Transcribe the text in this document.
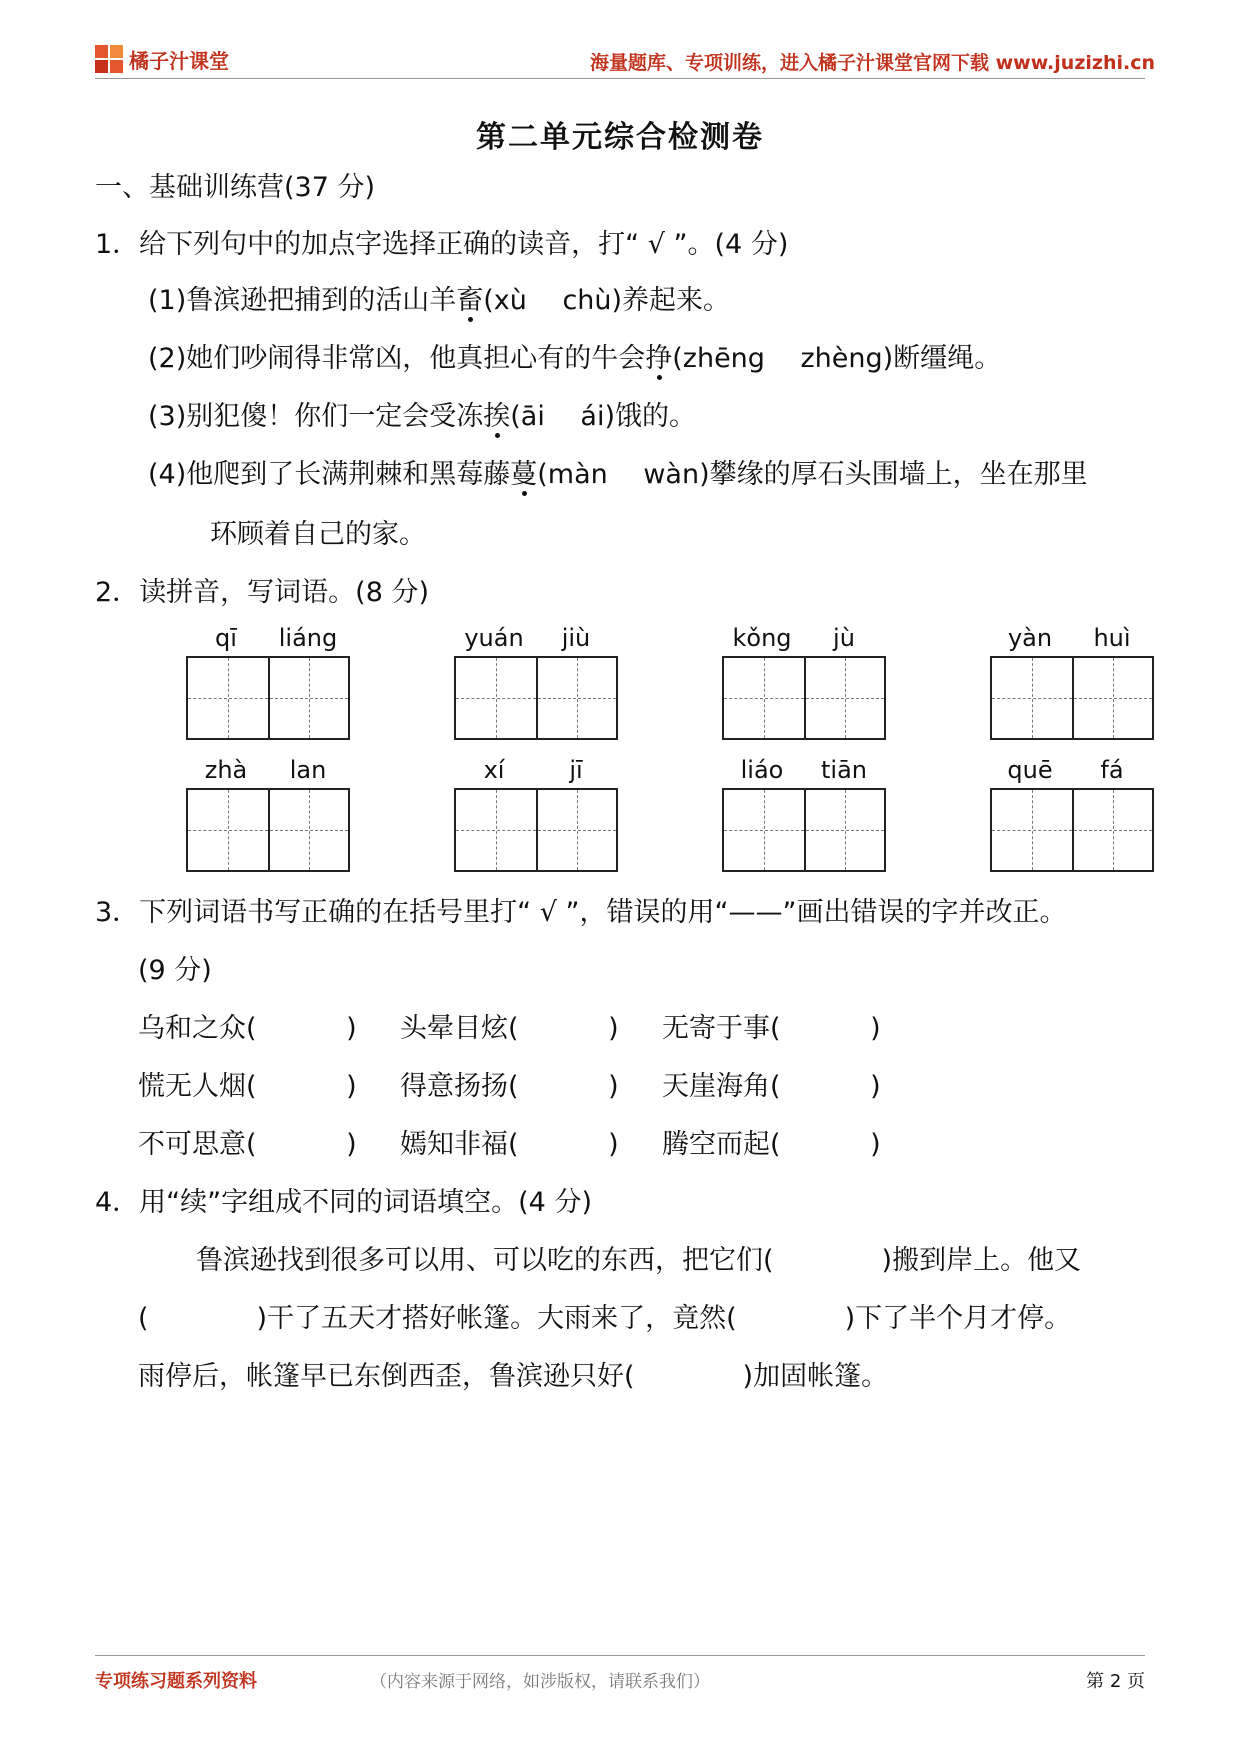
橘子汁课堂	海量题库、专项训练，进入橘子汁课堂官网下载 www.juzizhi.cn
第二单元综合检测卷
一、基础训练营(37 分)
1．给下列句中的加点字选择正确的读音，打“ √ ”。(4 分)
(1)鲁滨逊把捕到的活山羊畜(xù　 chù)养起来。
(2)她们吵闹得非常凶，他真担心有的牛会挣(zhēng　 zhèng)断缰绳。
(3)别犯傻！你们一定会受冻挨(āi　 ái)饿的。
(4)他爬到了长满荆棘和黑莓藤蔓(màn　 wàn)攀缘的厚石头围墙上，坐在那里
环顾着自己的家。
2．读拼音，写词语。(8 分)
qī	liáng	yuán	jiù	kǒng	jù	yàn	huì
zhà	lan	xí	jī	liáo	tiān	quē	fá
3．下列词语书写正确的在括号里打“ √ ”，错误的用“——”画出错误的字并改正。
(9 分)
乌和之众(　　　 ) 头晕目炫(　　　 ) 无寄于事(　　　 )
慌无人烟(　　　 ) 得意扬扬(　　　 ) 天崖海角(　　　 )
不可思意(　　　 ) 嫣知非福(　　　 ) 腾空而起(　　　 )
4．用“续”字组成不同的词语填空。(4 分)
鲁滨逊找到很多可以用、可以吃的东西，把它们(　　　　)搬到岸上。他又
(　　　　)干了五天才搭好帐篷。大雨来了，竟然(　　　　)下了半个月才停。
雨停后，帐篷早已东倒西歪，鲁滨逊只好(　　　　)加固帐篷。
专项练习题系列资料	（内容来源于网络，如涉版权，请联系我们）	第 2 页
